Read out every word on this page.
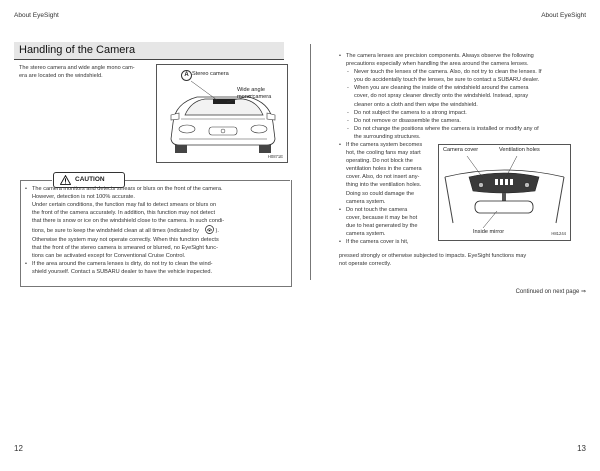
About EyeSight	About EyeSight
Handling of the Camera
The stereo camera and wide angle mono cam-
era are located on the windshield.	A Stereo camera
Wide angle
mono camera
H0871E
CAUTION
• The camera monitors and detects smears or blurs on the front of the camera.
However, detection is not 100% accurate.
Under certain conditions, the function may fail to detect smears or blurs on
the front of the camera accurately. In addition, this function may not detect
that there is snow or ice on the windshield close to the camera. In such condi-
tions, be sure to keep the windshield clean at all times (indicated by	).
Otherwise the system may not operate correctly. When this function detects
that the front of the stereo camera is smeared or blurred, no EyeSight func-
tions can be activated except for Conventional Cruise Control.
• If the area around the camera lenses is dirty, do not try to clean the wind-
shield yourself. Contact a SUBARU dealer to have the vehicle inspected.
• The camera lenses are precision components. Always observe the following
precautions especially when handling the area around the camera lenses.
- Never touch the lenses of the camera. Also, do not try to clean the lenses. If
you do accidentally touch the lenses, be sure to contact a SUBARU dealer.
- When you are cleaning the inside of the windshield around the camera
cover, do not spray cleaner directly onto the windshield. Instead, spray
cleaner onto a cloth and then wipe the windshield.
- Do not subject the camera to a strong impact.
- Do not remove or disassemble the camera.
- Do not change the positions where the camera is installed or modify any of
the surrounding structures.
• If the camera system becomes
hot, the cooling fans may start
operating. Do not block the
ventilation holes in the camera
cover. Also, do not insert any-
thing into the ventilation holes.
Doing so could damage the
camera system.
• Do not touch the camera
cover, because it may be hot
due to heat generated by the
camera system.
• If the camera cover is hit,
pressed strongly or otherwise subjected to impacts. EyeSight functions may
not operate correctly.
Camera cover	Ventilation holes
Inside mirror	H81244
Continued on next page ⇒
12	13
